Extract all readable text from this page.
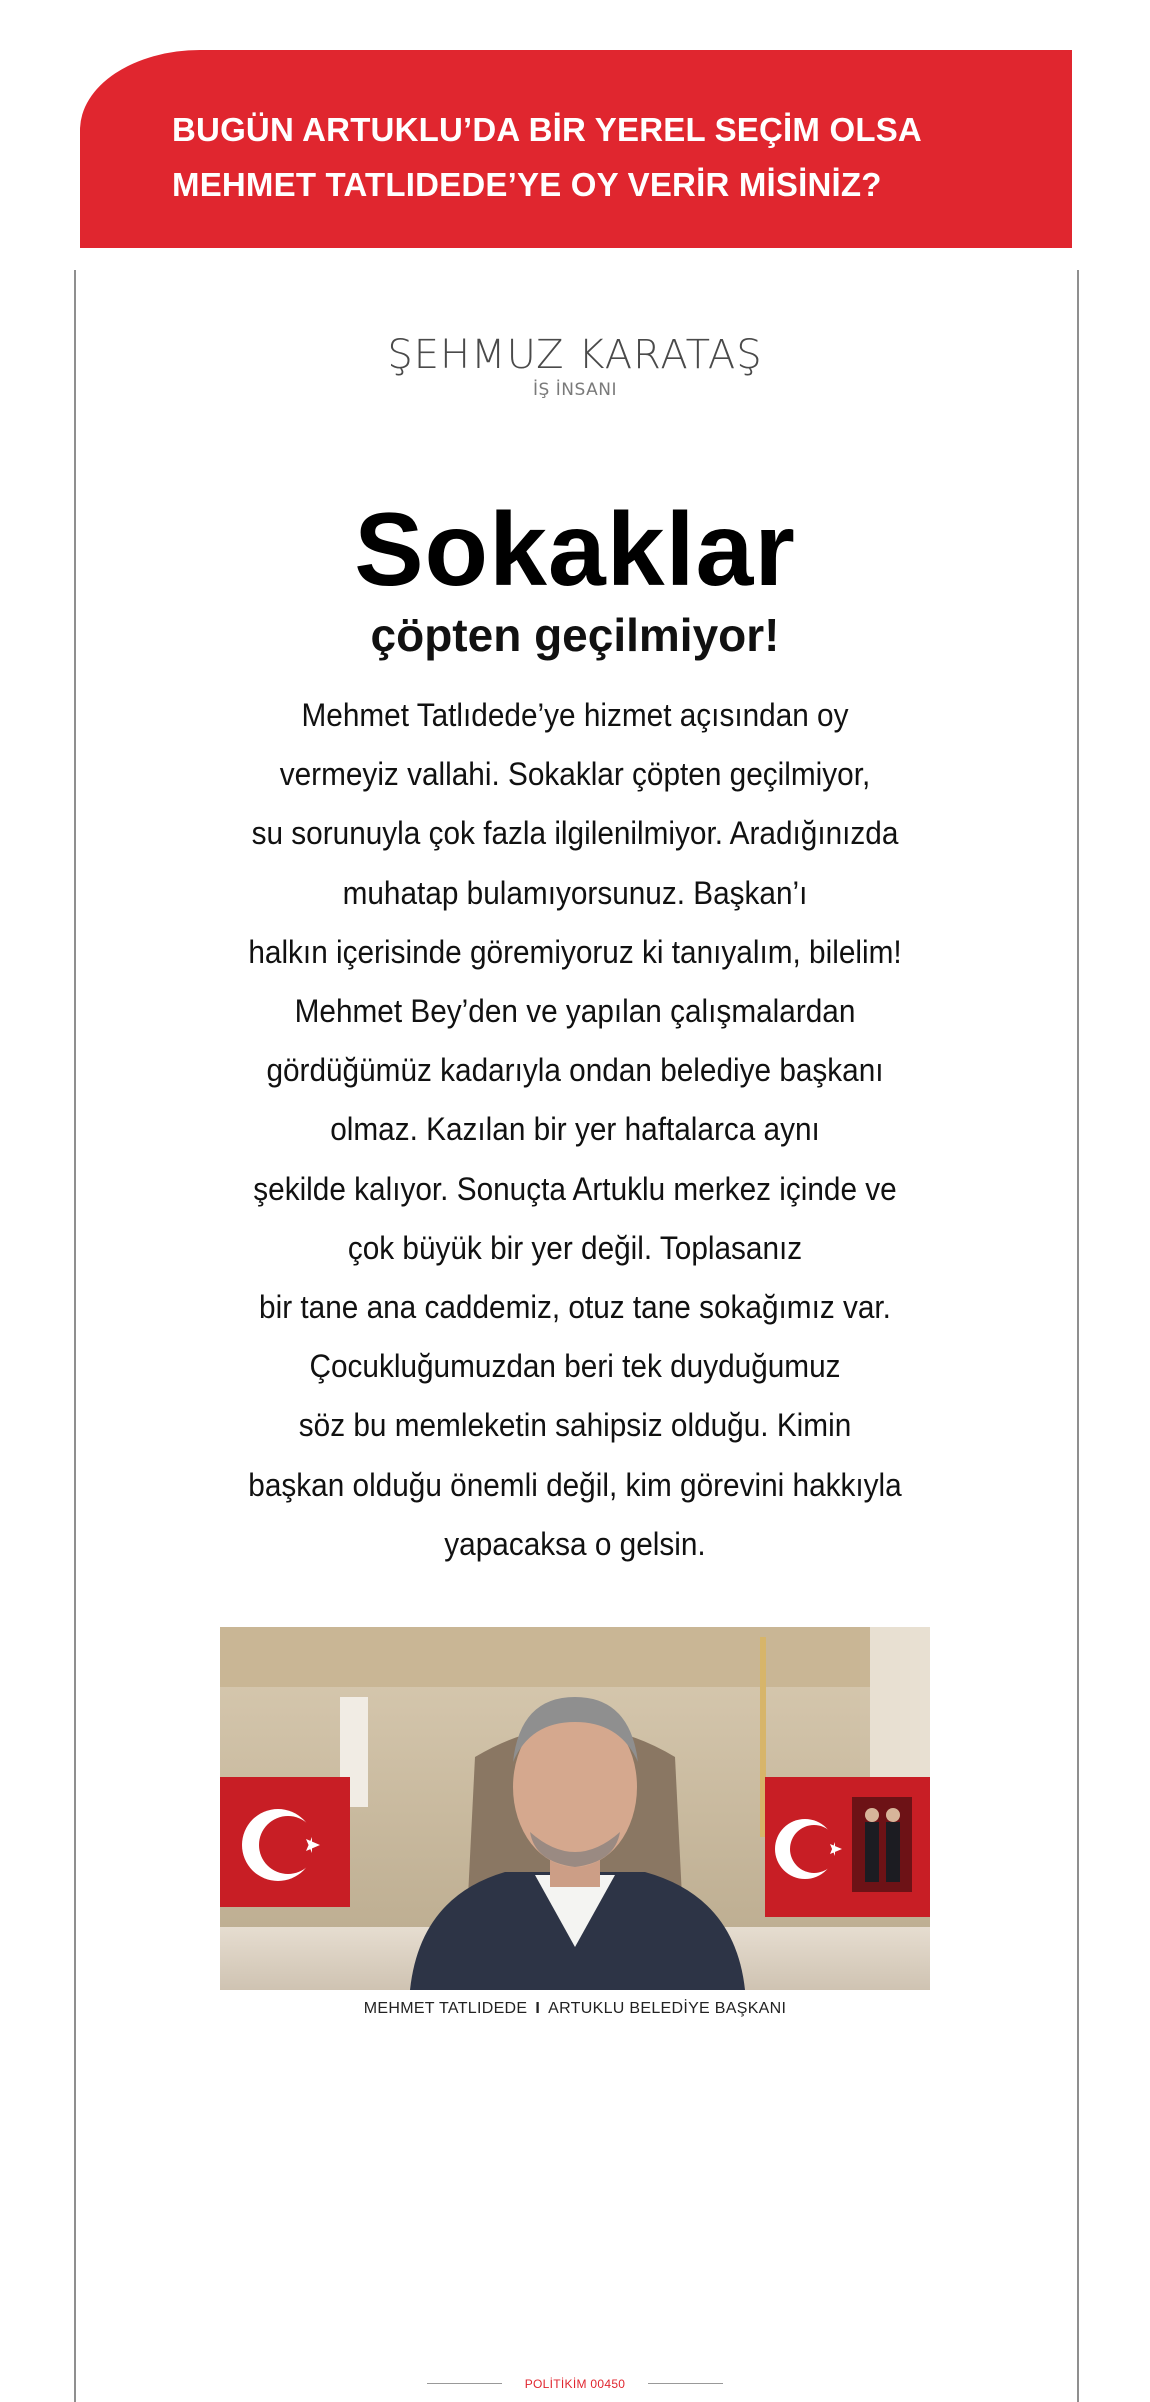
BUGÜN ARTUKLU’DA BİR YEREL SEÇİM OLSA
MEHMET TATLIDEDE’YE OY VERİR MİSİNİZ?
ŞEHMUZ KARATAŞ
İŞ İNSANI
Sokaklar
çöpten geçilmiyor!
Mehmet Tatlıdede’ye hizmet açısından oy
vermeyiz vallahi. Sokaklar çöpten geçilmiyor,
su sorunuyla çok fazla ilgilenilmiyor. Aradığınızda
muhatap bulamıyorsunuz. Başkan’ı
halkın içerisinde göremiyoruz ki tanıyalım, bilelim!
Mehmet Bey’den ve yapılan çalışmalardan
gördüğümüz kadarıyla ondan belediye başkanı
olmaz. Kazılan bir yer haftalarca aynı
şekilde kalıyor. Sonuçta Artuklu merkez içinde ve
çok büyük bir yer değil. Toplasanız
bir tane ana caddemiz, otuz tane sokağımız var.
Çocukluğumuzdan beri tek duyduğumuz
söz bu memleketin sahipsiz olduğu. Kimin
başkan olduğu önemli değil, kim görevini hakkıyla
yapacaksa o gelsin.
MEHMET TATLIDEDE I ARTUKLU BELEDİYE BAŞKANI
POLİTİKİM 00450
